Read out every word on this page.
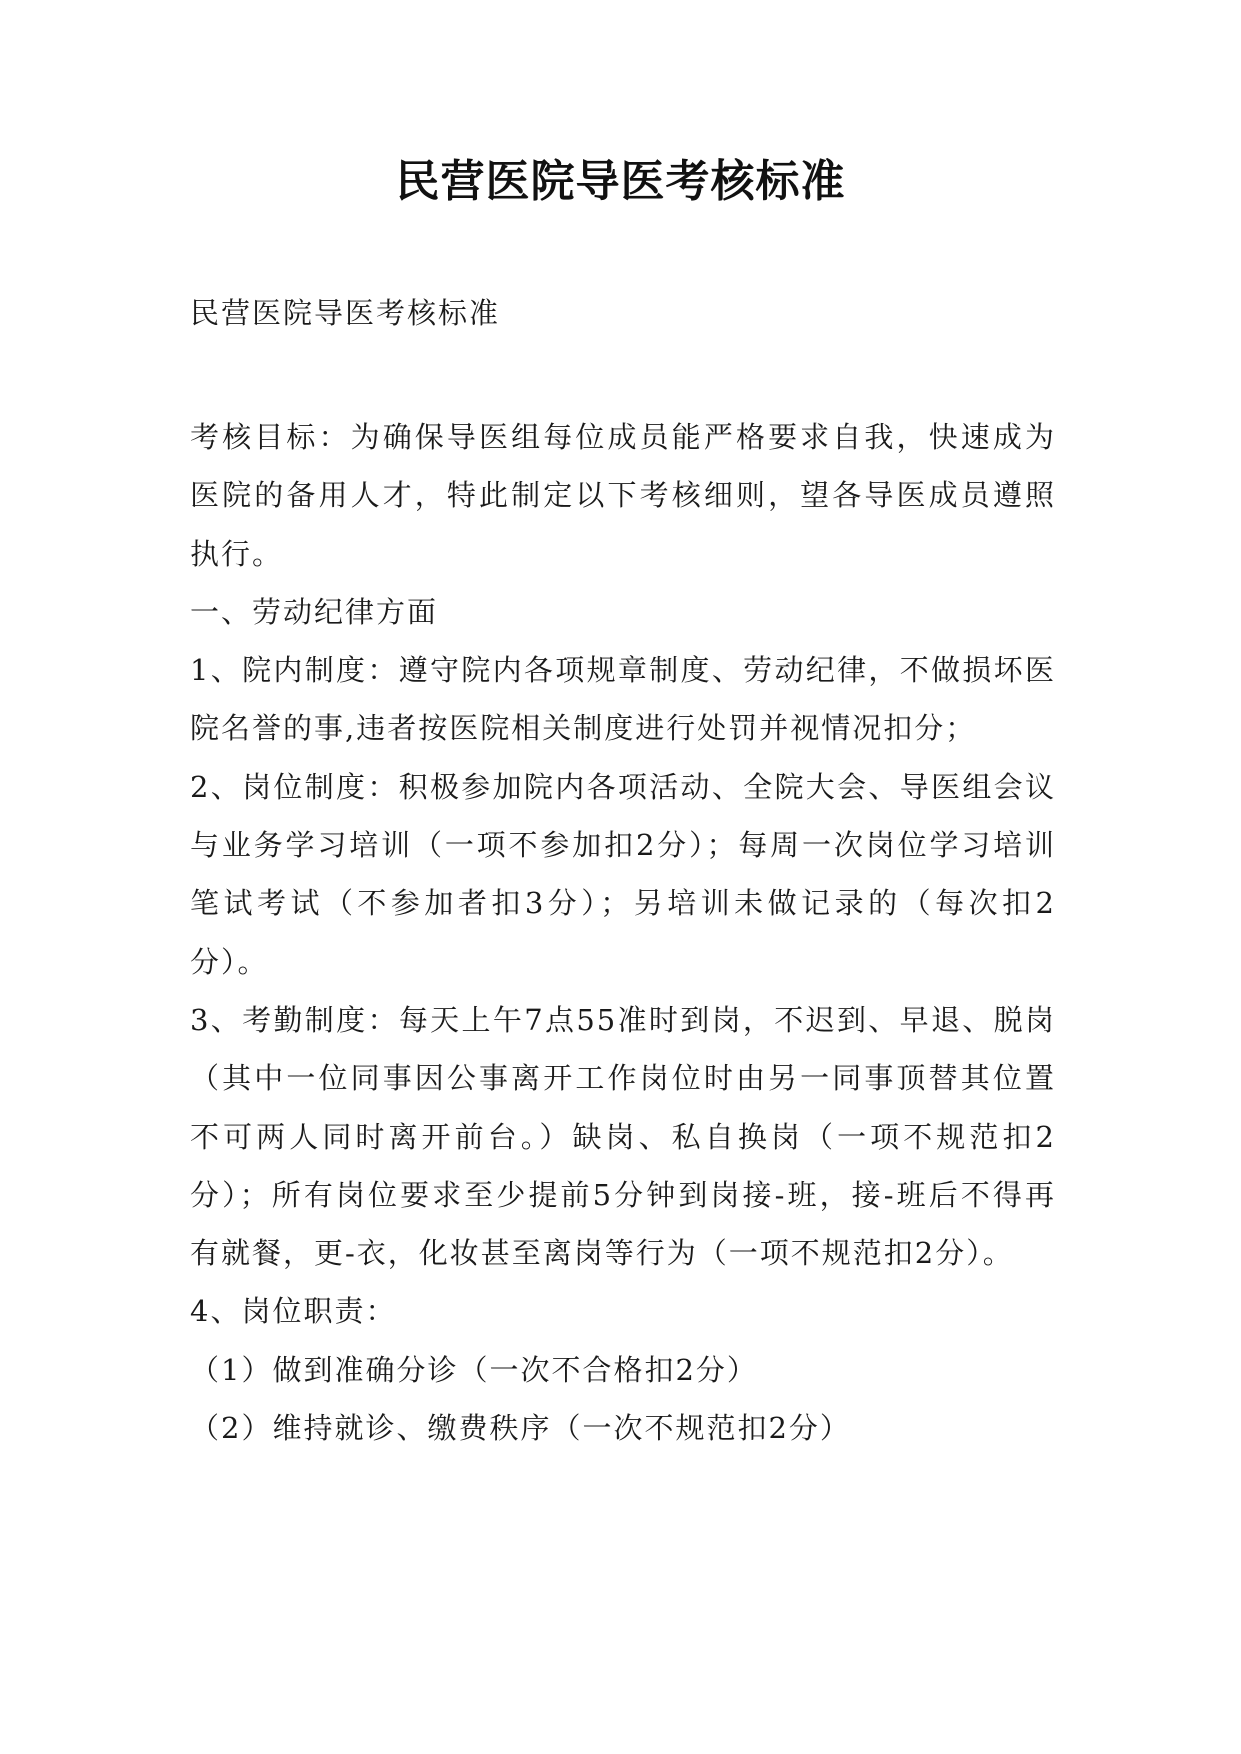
民营医院导医考核标准
民营医院导医考核标准

考核目标：为确保导医组每位成员能严格要求自我，快速成为医院的备用人才，特此制定以下考核细则，望各导医成员遵照执行。

一、劳动纪律方面

1、院内制度：遵守院内各项规章制度、劳动纪律，不做损坏医院名誉的事,违者按医院相关制度进行处罚并视情况扣分；

2、岗位制度：积极参加院内各项活动、全院大会、导医组会议与业务学习培训（一项不参加扣2分）；每周一次岗位学习培训笔试考试（不参加者扣3分）；另培训未做记录的（每次扣2分）。

3、考勤制度：每天上午7点55准时到岗，不迟到、早退、脱岗（其中一位同事因公事离开工作岗位时由另一同事顶替其位置不可两人同时离开前台。）缺岗、私自换岗（一项不规范扣2分）；所有岗位要求至少提前5分钟到岗接-班，接-班后不得再有就餐，更-衣，化妆甚至离岗等行为（一项不规范扣2分）。

4、岗位职责：

（1）做到准确分诊（一次不合格扣2分）

（2）维持就诊、缴费秩序（一次不规范扣2分）
